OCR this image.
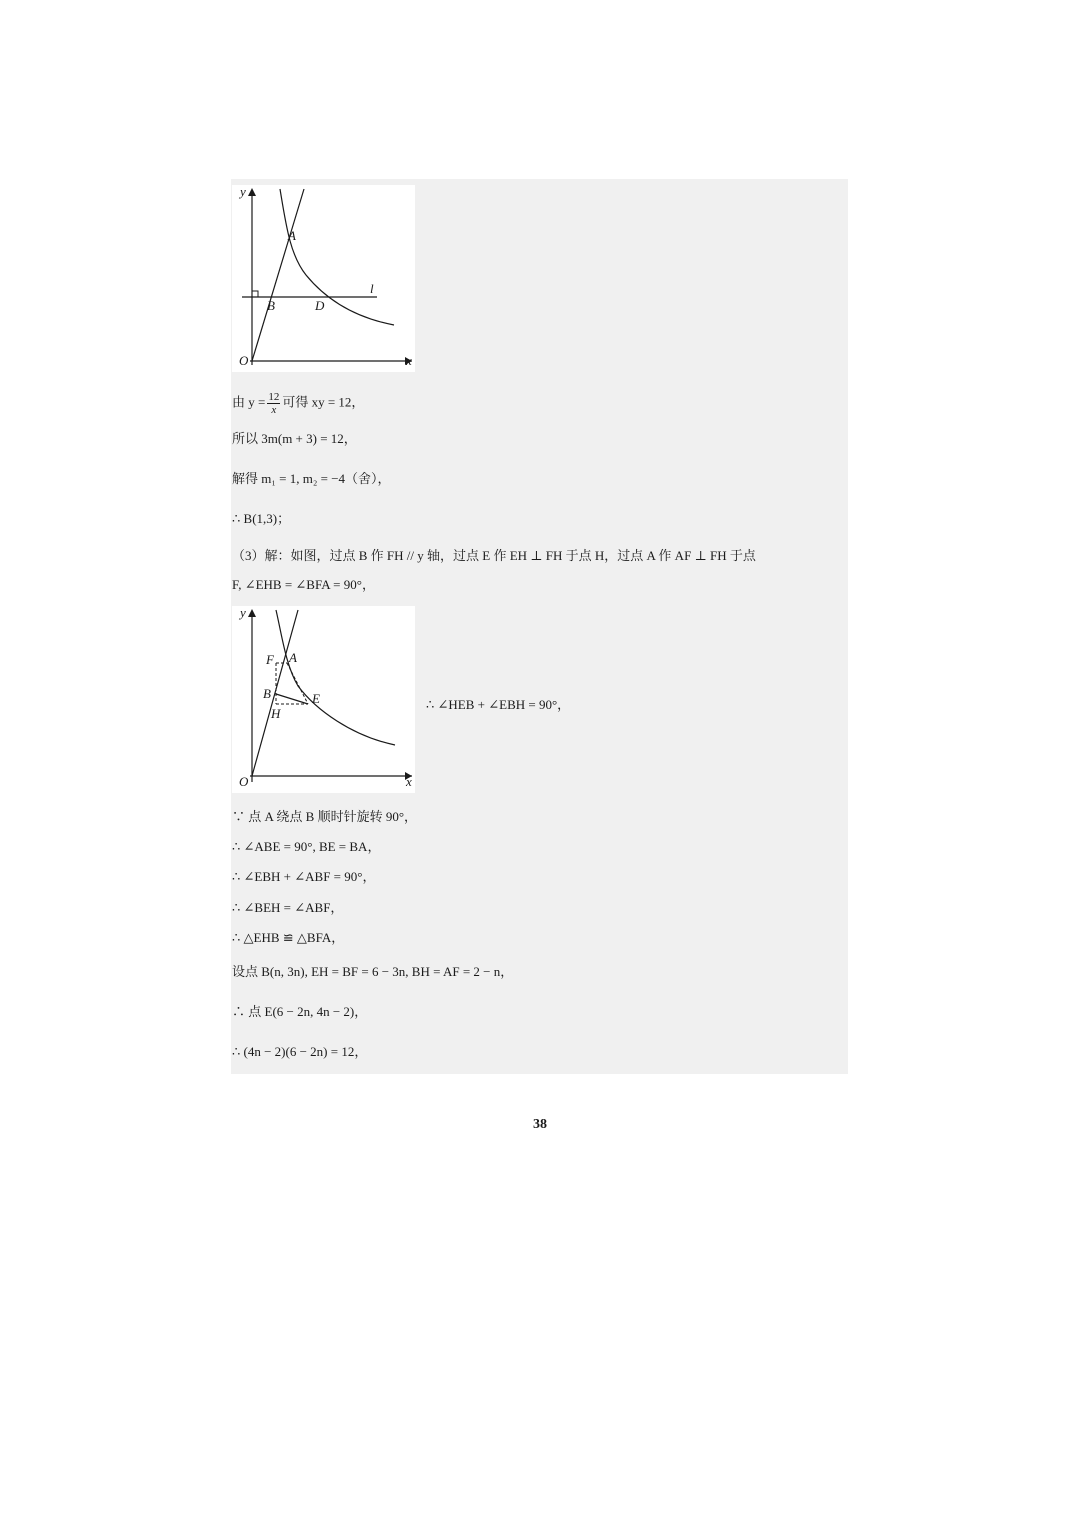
y
x
O
A
B	D
l
由 $y = \frac{12}{x}$ 可得 xy = 12，
所以 3m(m + 3) = 12，
解得 m₁ = 1, m₂ = −4（舍），
∴ B(1,3)；
（3）解：如图，过点 B 作 FH // y 轴，过点 E 作 EH ⊥ FH 于点 H，过点 A 作 AF ⊥ FH 于点
F, ∠EHB = ∠BFA = 90°，
y
x
O
F A
B	E
H
∴ ∠HEB + ∠EBH = 90°，
∵ 点 A 绕点 B 顺时针旋转 90°，
∴ ∠ABE = 90°, BE = BA，
∴ ∠EBH + ∠ABF = 90°，
∴ ∠BEH = ∠ABF，
∴ △EHB ≌ △BFA，
设点 B(n, 3n), EH = BF = 6 − 3n, BH = AF = 2 − n，
∴ 点 E(6 − 2n, 4n − 2)，
∴ (4n − 2)(6 − 2n) = 12，
38
